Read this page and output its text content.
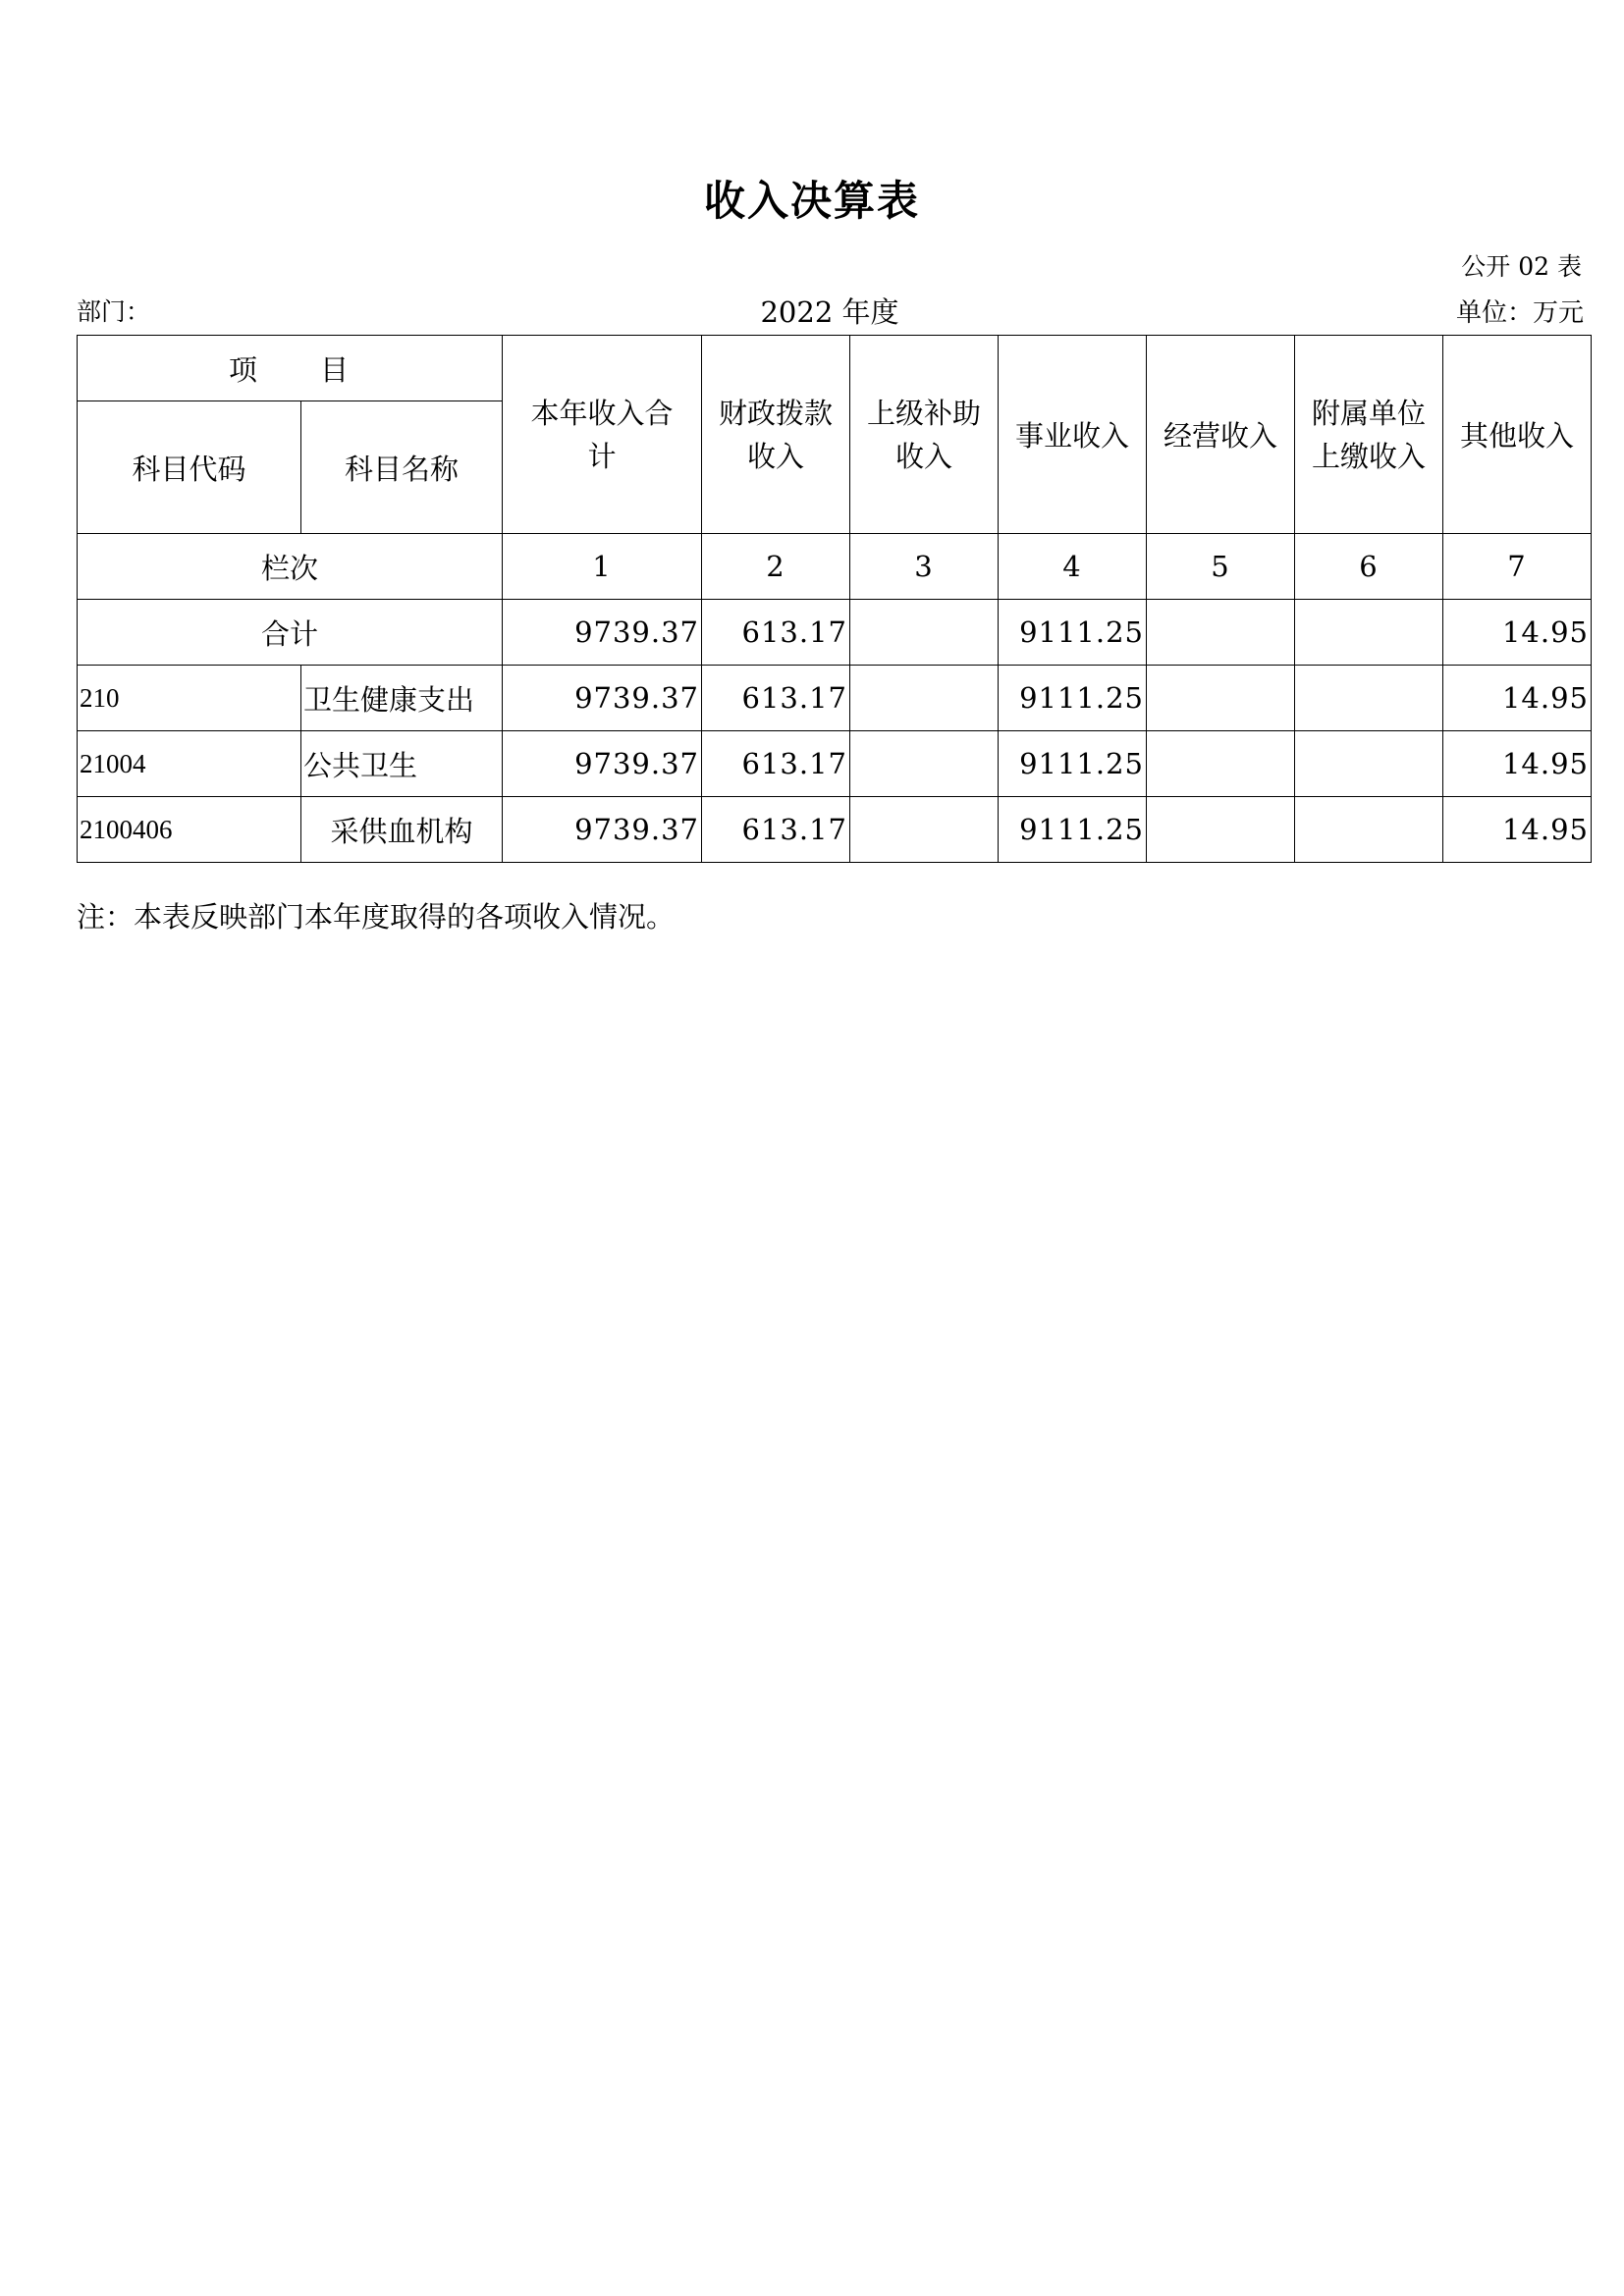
收入决算表
公开 02 表
部门：	2022 年度	单位：万元
项　　目		本年收入合计	财政拨款收入	上级补助收入	事业收入	经营收入	附属单位上缴收入	其他收入
科目代码	科目名称							
栏次		1	2	3	4	5	6	7
合计		9739.37	613.17		9111.25			14.95
210	卫生健康支出	9739.37	613.17		9111.25			14.95
21004	公共卫生	9739.37	613.17		9111.25			14.95
2100406	采供血机构	9739.37	613.17		9111.25			14.95
注：本表反映部门本年度取得的各项收入情况。
